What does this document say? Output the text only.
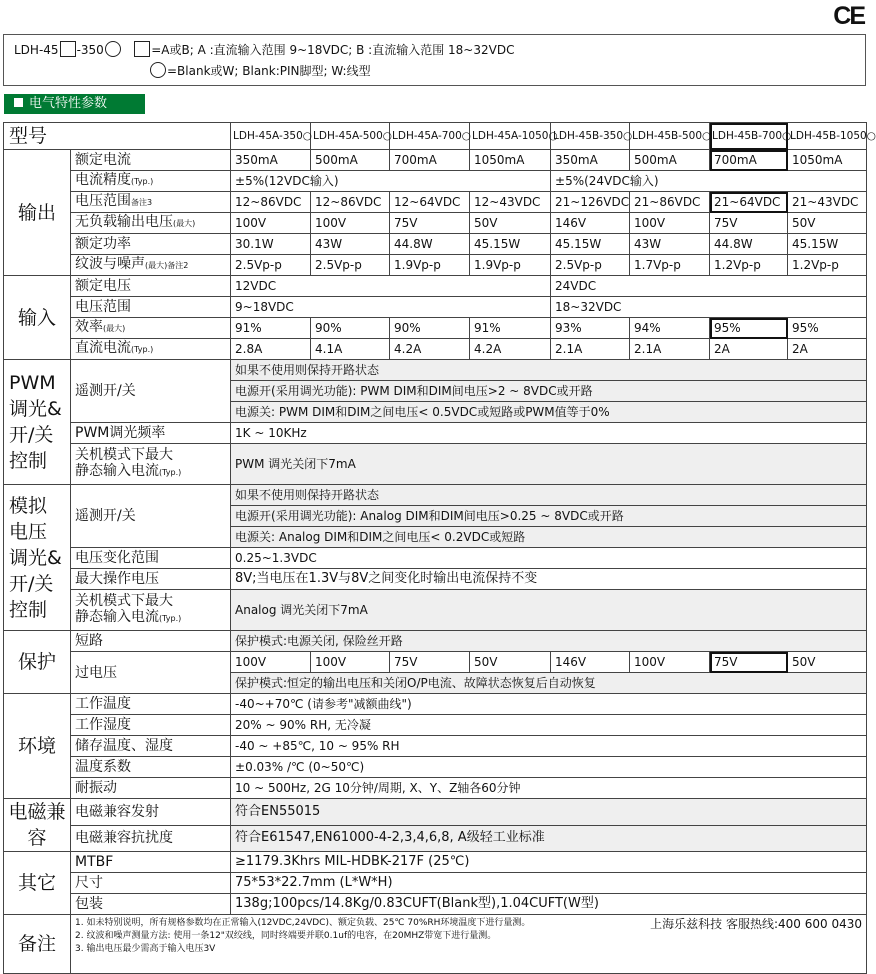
CE
LDH-45 -350	=A或B; A :直流输入范围 9~18VDC; B :直流输入范围 18~32VDC
=Blank或W; Blank:PIN脚型; W:线型
电气特性参数
型号	LDH-45A-350○	LDH-45A-500○	LDH-45A-700○	LDH-45A-1050○	LDH-45B-350○	LDH-45B-500○	LDH-45B-700○	LDH-45B-1050○
输出	额定电流	350mA	500mA	700mA	1050mA	350mA	500mA	700mA	1050mA
电流精度(Typ.)	±5%(12VDC输入)	±5%(24VDC输入)
电压范围备注3	12~86VDC	12~86VDC	12~64VDC	12~43VDC	21~126VDC	21~86VDC	21~64VDC	21~43VDC
无负载输出电压(最大)	100V	100V	75V	50V	146V	100V	75V	50V
额定功率	30.1W	43W	44.8W	45.15W	45.15W	43W	44.8W	45.15W
纹波与噪声(最大)备注2	2.5Vp-p	2.5Vp-p	1.9Vp-p	1.9Vp-p	2.5Vp-p	1.7Vp-p	1.2Vp-p	1.2Vp-p
输入	额定电压	12VDC	24VDC
电压范围	9~18VDC	18~32VDC
效率(最大)	91%	90%	90%	91%	93%	94%	95%	95%
直流电流(Typ.)	2.8A	4.1A	4.2A	4.2A	2.1A	2.1A	2A	2A
PWM 调光& 开/关 控制	遥测开/关	如果不使用则保持开路状态
电源开(采用调光功能): PWM DIM和DIM间电压>2 ~ 8VDC或开路
电源关: PWM DIM和DIM之间电压< 0.5VDC或短路或PWM值等于0%
PWM调光频率	1K ~ 10KHz
关机模式下最大
静态输入电流(Typ.)	PWM 调光关闭下7mA
模拟 电压 调光& 开/关 控制	遥测开/关	如果不使用则保持开路状态
电源开(采用调光功能): Analog DIM和DIM间电压>0.25 ~ 8VDC或开路
电源关: Analog DIM和DIM之间电压< 0.2VDC或短路
电压变化范围	0.25~1.3VDC
最大操作电压	8V;当电压在1.3V与8V之间变化时输出电流保持不变
关机模式下最大
静态输入电流(Typ.)	Analog 调光关闭下7mA
保护	短路	保护模式:电源关闭, 保险丝开路
过电压	100V	100V	75V	50V	146V	100V	75V	50V
保护模式:恒定的输出电压和关闭O/P电流、故障状态恢复后自动恢复
环境	工作温度	-40~+70℃ (请参考"减额曲线")
工作湿度	20% ~ 90% RH, 无冷凝
储存温度、湿度	-40 ~ +85℃, 10 ~ 95% RH
温度系数	±0.03% /℃ (0~50℃)
耐振动	10 ~ 500Hz, 2G 10分钟/周期, X、Y、Z轴各60分钟
电磁兼容	电磁兼容发射	符合EN55015
电磁兼容抗扰度	符合E61547,EN61000-4-2,3,4,6,8, A级轻工业标准
其它	MTBF	≥1179.3Khrs MIL-HDBK-217F (25℃)
尺寸	75*53*22.7mm (L*W*H)
包装	138g;100pcs/14.8Kg/0.83CUFT(Blank型),1.04CUFT(W型)
备注	
上海乐兹科技 客服热线:400 600 0430
1. 如未特别说明，所有规格参数均在正常输入(12VDC,24VDC)、额定负载、25℃ 70%RH环境温度下进行量测。
2. 纹波和噪声测量方法: 使用一条12"双绞线，同时终端要并联0.1uf的电容，在20MHZ带宽下进行量测。
3. 输出电压最少需高于输入电压3V
